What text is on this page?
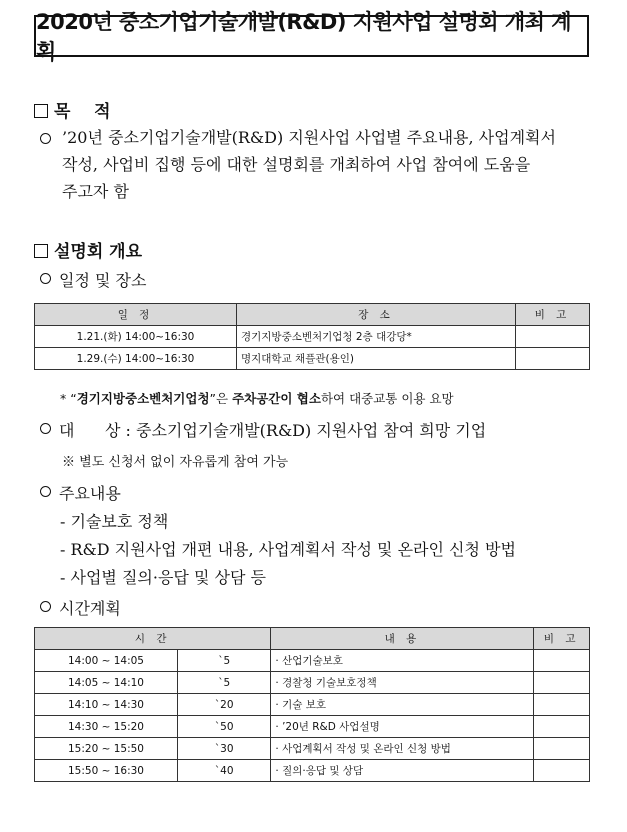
2020년 중소기업기술개발(R&D) 지원사업 설명회 개최 계획
목    적
’20년 중소기업기술개발(R&D) 지원사업 사업별 주요내용, 사업계획서
작성, 사업비 집행 등에 대한 설명회를 개최하여 사업 참여에 도움을
주고자 함
설명회 개요
일정 및 장소
일 정	장 소	비 고
1.21.(화) 14:00~16:30	경기지방중소벤처기업청 2층 대강당*	
1.29.(수) 14:00~16:30	명지대학교 채플관(용인)	
* “경기지방중소벤처기업청”은 주차공간이 협소하여 대중교통 이용 요망
대      상 : 중소기업기술개발(R&D) 지원사업 참여 희망 기업
※ 별도 신청서 없이 자유롭게 참여 가능
주요내용
- 기술보호 정책
- R&D 지원사업 개편 내용, 사업계획서 작성 및 온라인 신청 방법
- 사업별 질의·응답 및 상담 등
시간계획
시 간		내 용	비 고
14:00 ~ 14:05	`5	· 산업기술보호	
14:05 ~ 14:10	`5	· 경찰청 기술보호정책	
14:10 ~ 14:30	`20	· 기술 보호	
14:30 ~ 15:20	`50	· ’20년 R&D 사업설명	
15:20 ~ 15:50	`30	· 사업계획서 작성 및 온라인 신청 방법	
15:50 ~ 16:30	`40	· 질의·응답 및 상담	
